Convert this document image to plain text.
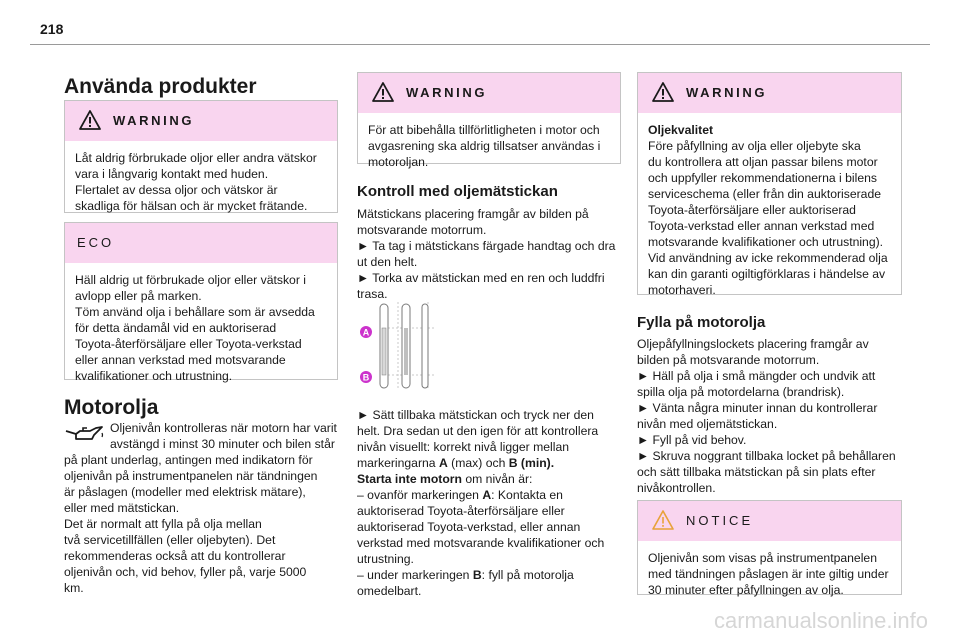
218
Använda produkter
WARNING
Låt aldrig förbrukade oljor eller andra vätskor
vara i långvarig kontakt med huden.
Flertalet av dessa oljor och vätskor är
skadliga för hälsan och är mycket frätande.
ECO
Häll aldrig ut förbrukade oljor eller vätskor i
avlopp eller på marken.
Töm använd olja i behållare som är avsedda
för detta ändamål vid en auktoriserad
Toyota-återförsäljare eller Toyota-verkstad
eller annan verkstad med motsvarande
kvalifikationer och utrustning.
Motorolja
Oljenivån kontrolleras när motorn har varit
avstängd i minst 30 minuter och bilen står
på plant underlag, antingen med indikatorn för
oljenivån på instrumentpanelen när tändningen
är påslagen (modeller med elektrisk mätare),
eller med mätstickan.
Det är normalt att fylla på olja mellan
två servicetillfällen (eller oljebyten). Det
rekommenderas också att du kontrollerar
oljenivån och, vid behov, fyller på, varje 5000
km.
WARNING
För att bibehålla tillförlitligheten i motor och
avgasrening ska aldrig tillsatser användas i
motoroljan.
Kontroll med oljemätstickan
Mätstickans placering framgår av bilden på
motsvarande motorrum.
► Ta tag i mätstickans färgade handtag och dra
ut den helt.
► Torka av mätstickan med en ren och luddfri
trasa.
A
B
► Sätt tillbaka mätstickan och tryck ner den
helt. Dra sedan ut den igen för att kontrollera
nivån visuellt: korrekt nivå ligger mellan
markeringarna A (max) och B (min).
Starta inte motorn om nivån är:
– ovanför markeringen A: Kontakta en
auktoriserad Toyota-återförsäljare eller
auktoriserad Toyota-verkstad, eller annan
verkstad med motsvarande kvalifikationer och
utrustning.
– under markeringen B: fyll på motorolja
omedelbart.
WARNING
Oljekvalitet
Före påfyllning av olja eller oljebyte ska
du kontrollera att oljan passar bilens motor
och uppfyller rekommendationerna i bilens
serviceschema (eller från din auktoriserade
Toyota-återförsäljare eller auktoriserad
Toyota-verkstad eller annan verkstad med
motsvarande kvalifikationer och utrustning).
Vid användning av icke rekommenderad olja
kan din garanti ogiltigförklaras i händelse av
motorhaveri.
Fylla på motorolja
Oljepåfyllningslockets placering framgår av
bilden på motsvarande motorrum.
► Häll på olja i små mängder och undvik att
spilla olja på motordelarna (brandrisk).
► Vänta några minuter innan du kontrollerar
nivån med oljemätstickan.
► Fyll på vid behov.
► Skruva noggrant tillbaka locket på behållaren
och sätt tillbaka mätstickan på sin plats efter
nivåkontrollen.
NOTICE
Oljenivån som visas på instrumentpanelen
med tändningen påslagen är inte giltig under
30 minuter efter påfyllningen av olja.
carmanualsonline.info
